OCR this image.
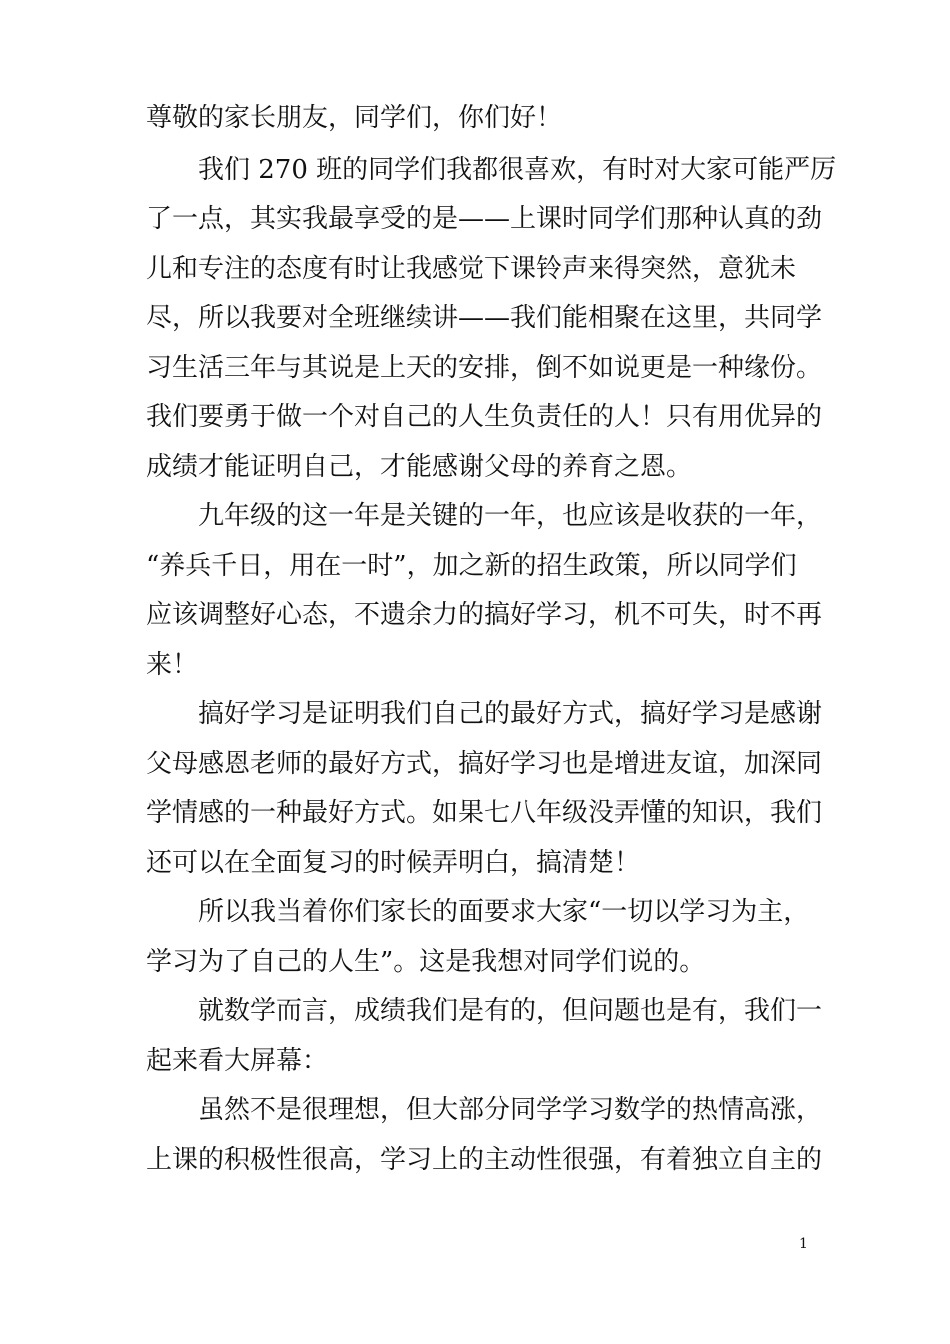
尊敬的家长朋友，同学们，你们好！
我们 270 班的同学们我都很喜欢，有时对大家可能严厉
了一点，其实我最享受的是——上课时同学们那种认真的劲
儿和专注的态度有时让我感觉下课铃声来得突然，意犹未
尽，所以我要对全班继续讲——我们能相聚在这里，共同学
习生活三年与其说是上天的安排，倒不如说更是一种缘份。
我们要勇于做一个对自己的人生负责任的人！只有用优异的
成绩才能证明自己，才能感谢父母的养育之恩。
九年级的这一年是关键的一年，也应该是收获的一年，
“养兵千日，用在一时”，加之新的招生政策，所以同学们
应该调整好心态，不遗余力的搞好学习，机不可失，时不再
来！
搞好学习是证明我们自己的最好方式，搞好学习是感谢
父母感恩老师的最好方式，搞好学习也是增进友谊，加深同
学情感的一种最好方式。如果七八年级没弄懂的知识，我们
还可以在全面复习的时候弄明白，搞清楚！
所以我当着你们家长的面要求大家“一切以学习为主，
学习为了自己的人生”。这是我想对同学们说的。
就数学而言，成绩我们是有的，但问题也是有，我们一
起来看大屏幕：
虽然不是很理想，但大部分同学学习数学的热情高涨，
上课的积极性很高，学习上的主动性很强，有着独立自主的
1
